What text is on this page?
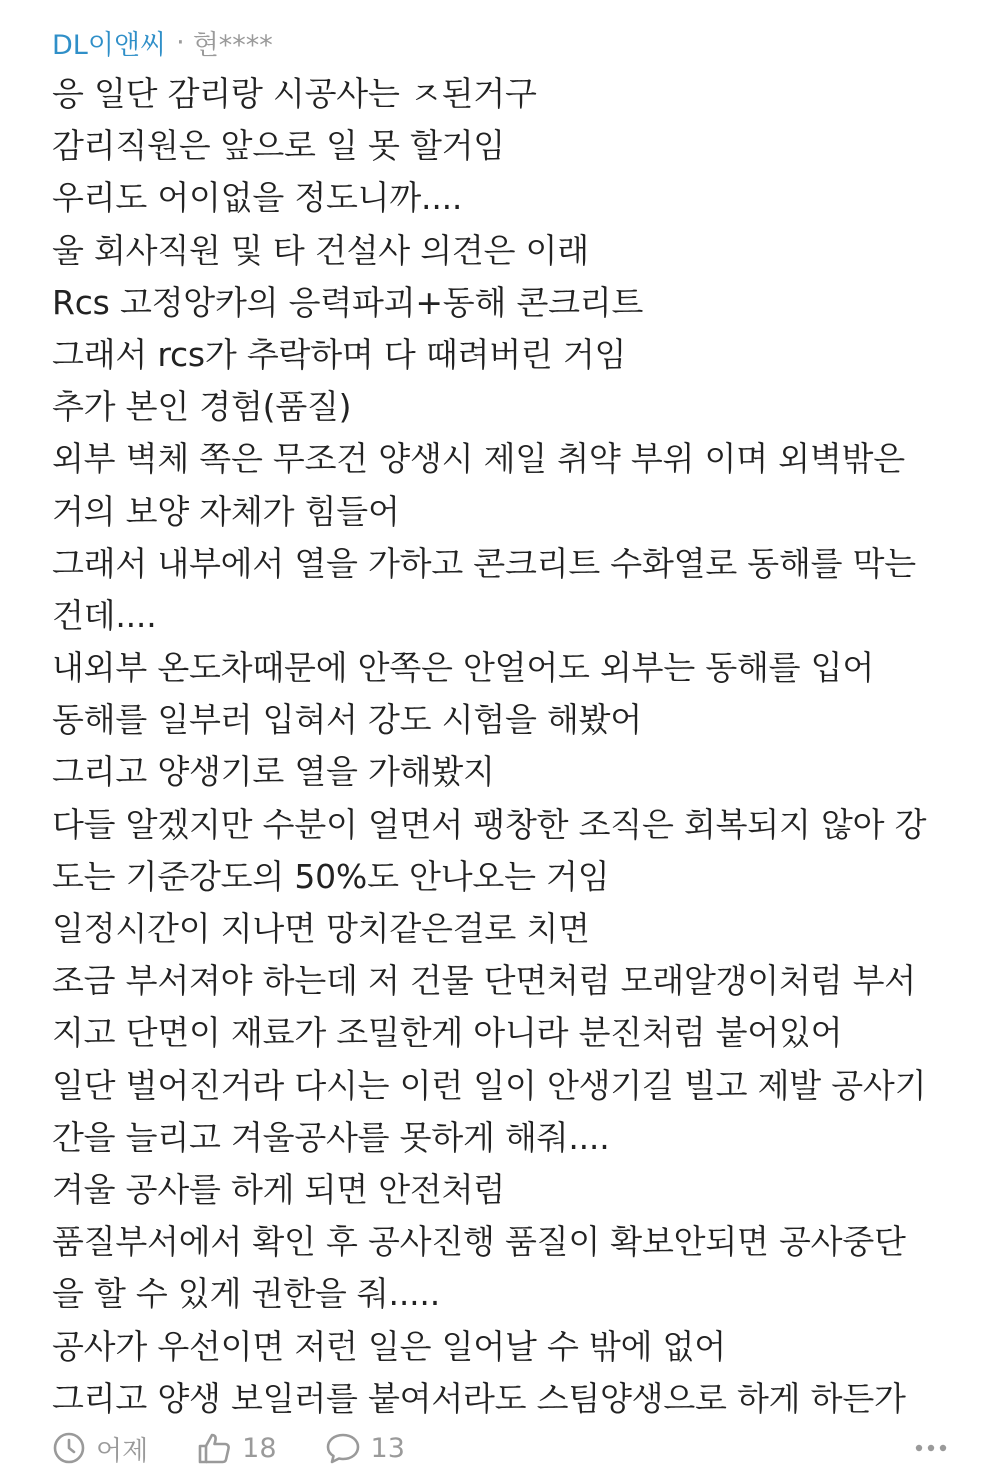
DL이앤씨 · 현****
응 일단 감리랑 시공사는 ㅈ된거구
감리직원은 앞으로 일 못 할거임
우리도 어이없을 정도니까....
울 회사직원 및 타 건설사 의견은 이래
Rcs 고정앙카의 응력파괴+동해 콘크리트
그래서 rcs가 추락하며 다 때려버린 거임
추가 본인 경험(품질)
외부 벽체 쪽은 무조건 양생시 제일 취약 부위 이며 외벽밖은
거의 보양 자체가 힘들어
그래서 내부에서 열을 가하고 콘크리트 수화열로 동해를 막는
건데....
내외부 온도차때문에 안쪽은 안얼어도 외부는 동해를 입어
동해를 일부러 입혀서 강도 시험을 해봤어
그리고 양생기로 열을 가해봤지
다들 알겠지만 수분이 얼면서 팽창한 조직은 회복되지 않아 강
도는 기준강도의 50%도 안나오는 거임
일정시간이 지나면 망치같은걸로 치면
조금 부서져야 하는데 저 건물 단면처럼 모래알갱이처럼 부서
지고 단면이 재료가 조밀한게 아니라 분진처럼 붙어있어
일단 벌어진거라 다시는 이런 일이 안생기길 빌고 제발 공사기
간을 늘리고 겨울공사를 못하게 해줘....
겨울 공사를 하게 되면 안전처럼
품질부서에서 확인 후 공사진행 품질이 확보안되면 공사중단
을 할 수 있게 권한을 줘.....
공사가 우선이면 저런 일은 일어날 수 밖에 없어
그리고 양생 보일러를 붙여서라도 스팀양생으로 하게 하든가
어제	18	13
